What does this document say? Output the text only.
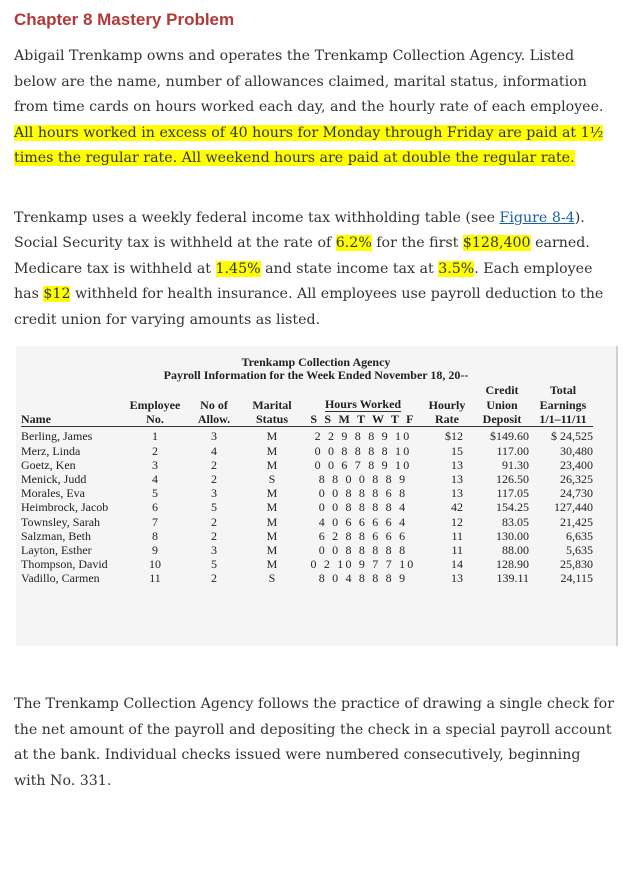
Chapter 8 Mastery Problem

Abigail Trenkamp owns and operates the Trenkamp Collection Agency. Listed below are the name, number of allowances claimed, marital status, information from time cards on hours worked each day, and the hourly rate of each employee. All hours worked in excess of 40 hours for Monday through Friday are paid at 1½ times the regular rate. All weekend hours are paid at double the regular rate.

Trenkamp uses a weekly federal income tax withholding table (see Figure 8-4). Social Security tax is withheld at the rate of 6.2% for the first $128,400 earned. Medicare tax is withheld at 1.45% and state income tax at 3.5%. Each employee has $12 withheld for health insurance. All employees use payroll deduction to the credit union for varying amounts as listed.

Trenkamp Collection Agency
Payroll Information for the Week Ended November 18, 20--
						Credit	Total
	Employee	No of	Marital	Hours Worked	Hourly	Union	Earnings
Name	No.	Allow.	Status	S S M T W T F	Rate	Deposit	1/1–11/11

Berling, James	1	3	M	2 2 9 8 8 9 10	$12	$149.60	$ 24,525
Merz, Linda	2	4	M	0 0 8 8 8 8 10	15	117.00	30,480
Goetz, Ken	3	2	M	0 0 6 7 8 9 10	13	91.30	23,400
Menick, Judd	4	2	S	8 8 0 0 8 8 9	13	126.50	26,325
Morales, Eva	5	3	M	0 0 8 8 8 6 8	13	117.05	24,730
Heimbrock, Jacob	6	5	M	0 0 8 8 8 8 4	42	154.25	127,440
Townsley, Sarah	7	2	M	4 0 6 6 6 6 4	12	83.05	21,425
Salzman, Beth	8	2	M	6 2 8 8 6 6 6	11	130.00	6,635
Layton, Esther	9	3	M	0 0 8 8 8 8 8	11	88.00	5,635
Thompson, David	10	5	M	0 2 10 9 7 7 10	14	128.90	25,830
Vadillo, Carmen	11	2	S	8 0 4 8 8 8 9	13	139.11	24,115

The Trenkamp Collection Agency follows the practice of drawing a single check for the net amount of the payroll and depositing the check in a special payroll account at the bank. Individual checks issued were numbered consecutively, beginning with No. 331.
